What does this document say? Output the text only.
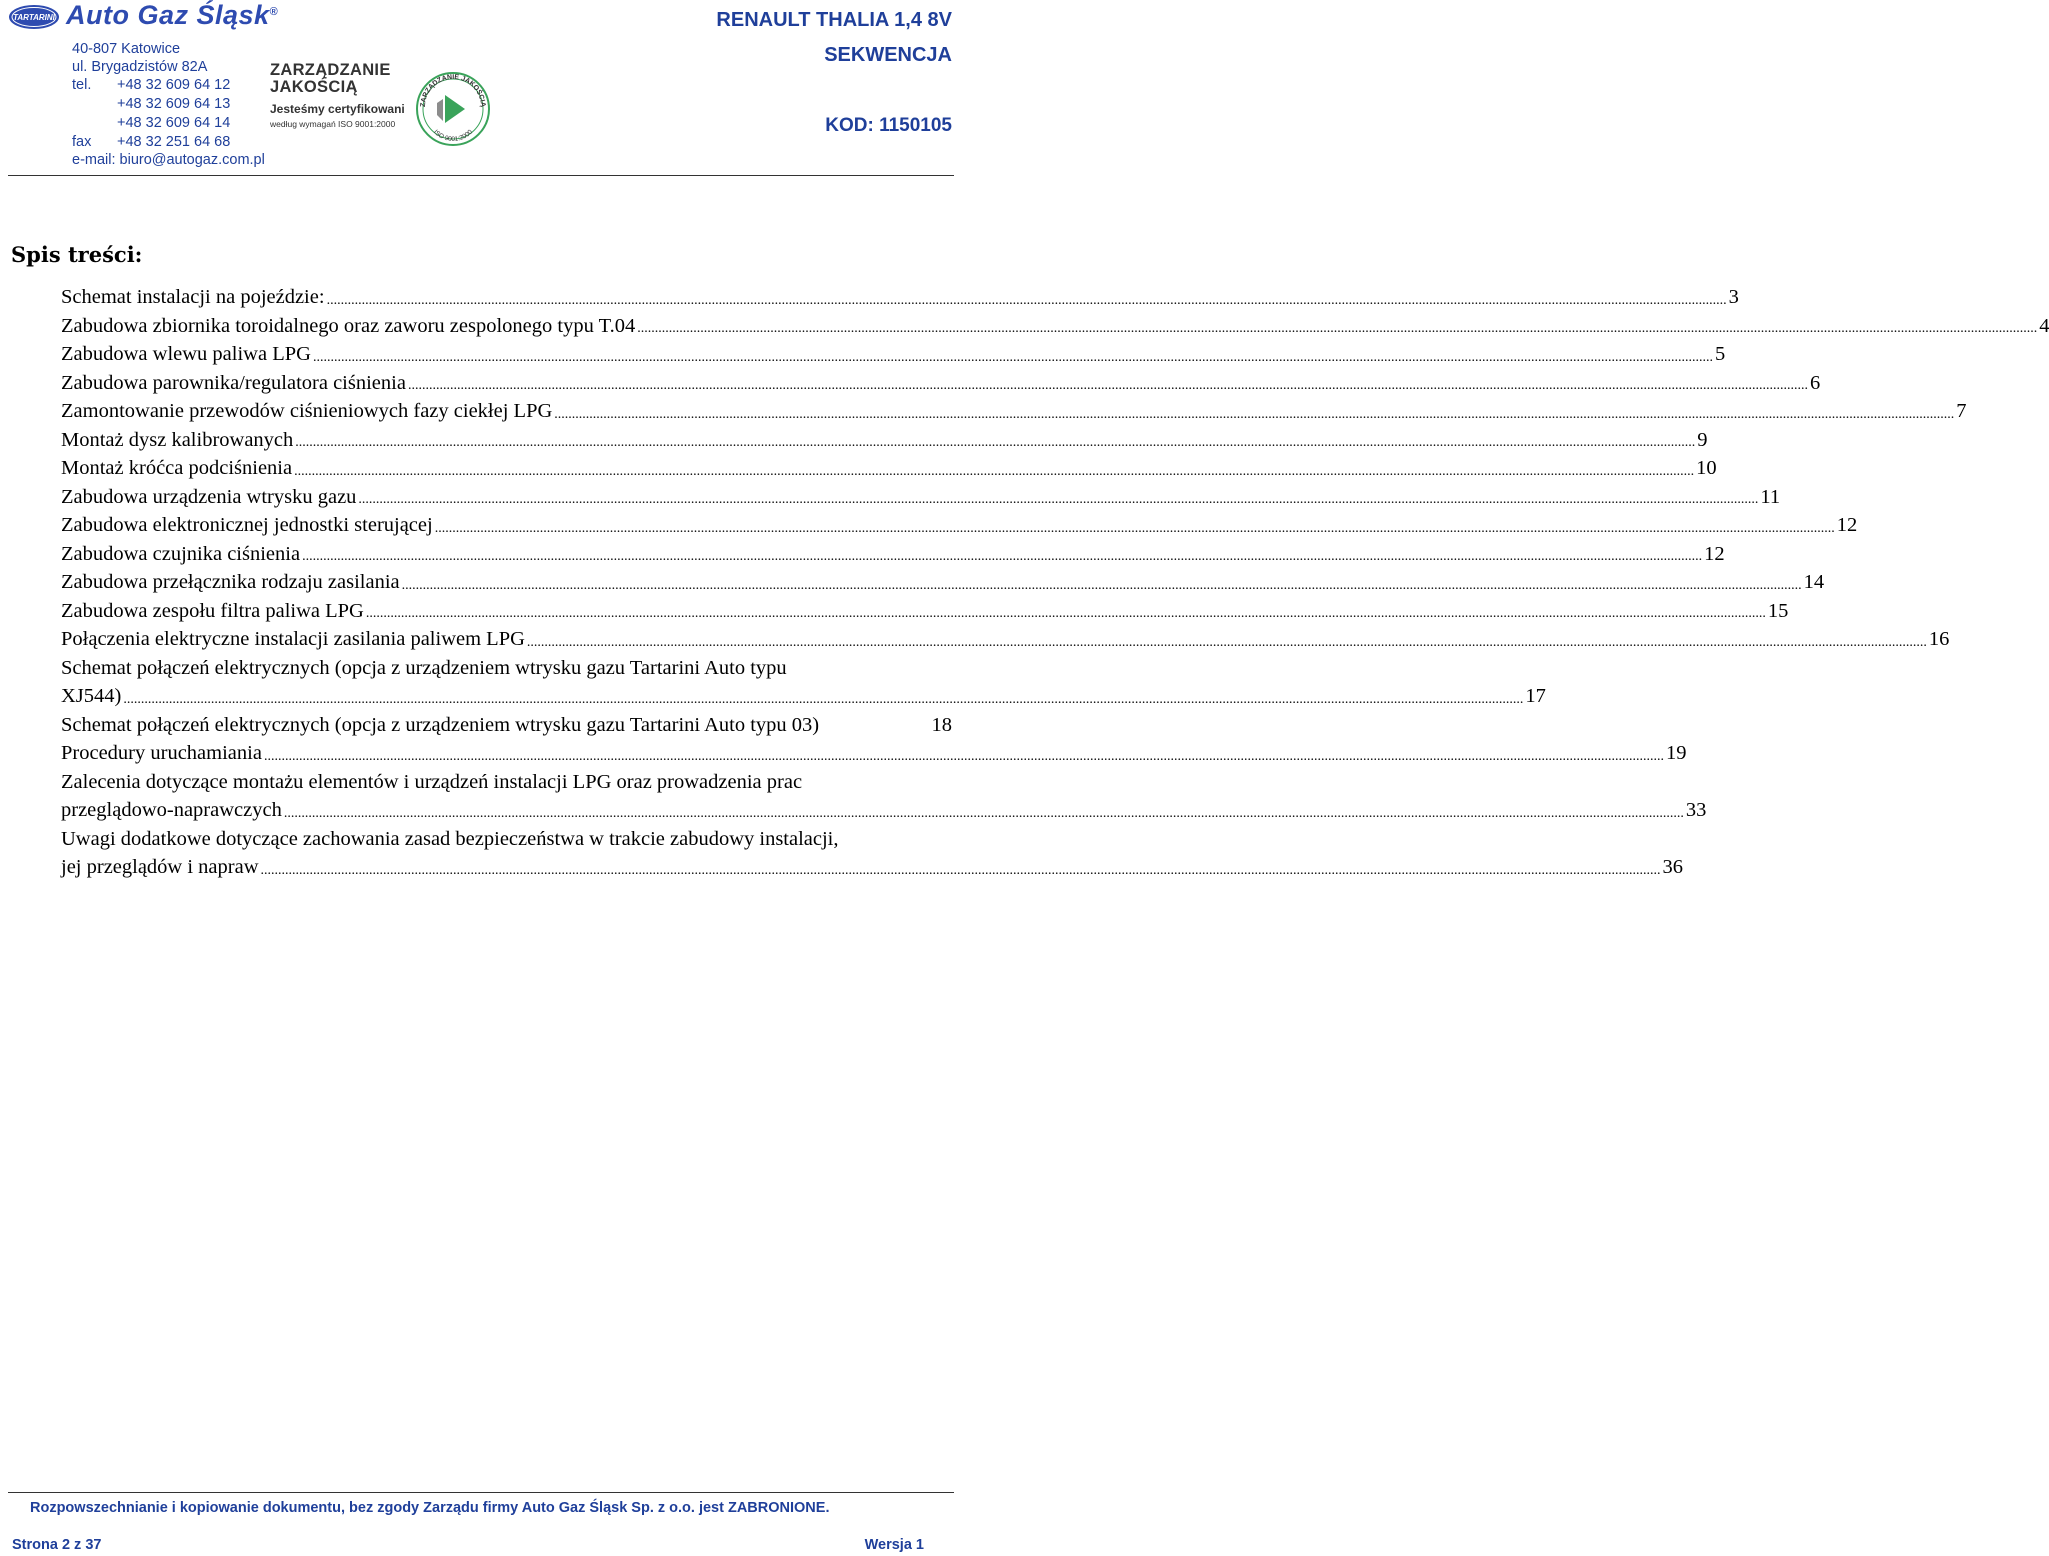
TARTARINI Auto Gaz Śląsk®
40-807 Katowice
ul. Brygadzistów 82A
tel. +48 32 609 64 12
+48 32 609 64 13
+48 32 609 64 14
fax +48 32 251 64 68
e-mail: biuro@autogaz.com.pl
ZARZĄDZANIE
JAKOŚCIĄ
Jesteśmy certyfikowani
według wymagań ISO 9001:2000
ZARZĄDZANIE JAKOŚCIĄ
ISO 9001:2000
RENAULT THALIA 1,4 8V
SEKWENCJA
KOD: 1150105
Spis treści:
Schemat instalacji na pojeździe: ................................................................................................................................................................................................................................................................................................................................................................................................................ 3
Zabudowa zbiornika toroidalnego oraz zaworu zespolonego typu T.04 ................................................................................................................................................................................................................................................................................................................................................................................................................ 4
Zabudowa wlewu paliwa LPG ................................................................................................................................................................................................................................................................................................................................................................................................................ 5
Zabudowa parownika/regulatora ciśnienia ................................................................................................................................................................................................................................................................................................................................................................................................................ 6
Zamontowanie przewodów ciśnieniowych fazy ciekłej LPG ................................................................................................................................................................................................................................................................................................................................................................................................................ 7
Montaż dysz kalibrowanych ................................................................................................................................................................................................................................................................................................................................................................................................................ 9
Montaż króćca podciśnienia ................................................................................................................................................................................................................................................................................................................................................................................................................ 10
Zabudowa urządzenia wtrysku gazu ................................................................................................................................................................................................................................................................................................................................................................................................................ 11
Zabudowa elektronicznej jednostki sterującej ................................................................................................................................................................................................................................................................................................................................................................................................................ 12
Zabudowa czujnika ciśnienia ................................................................................................................................................................................................................................................................................................................................................................................................................ 12
Zabudowa przełącznika rodzaju zasilania ................................................................................................................................................................................................................................................................................................................................................................................................................ 14
Zabudowa zespołu filtra paliwa LPG ................................................................................................................................................................................................................................................................................................................................................................................................................ 15
Połączenia elektryczne instalacji zasilania paliwem LPG ................................................................................................................................................................................................................................................................................................................................................................................................................ 16
Schemat połączeń elektrycznych (opcja z urządzeniem wtrysku gazu Tartarini Auto typu
XJ544) ................................................................................................................................................................................................................................................................................................................................................................................................................ 17
Schemat połączeń elektrycznych (opcja z urządzeniem wtrysku gazu Tartarini Auto typu 03)	18
Procedury uruchamiania ................................................................................................................................................................................................................................................................................................................................................................................................................ 19
Zalecenia dotyczące montażu elementów i urządzeń instalacji LPG oraz prowadzenia prac
przeglądowo-naprawczych ................................................................................................................................................................................................................................................................................................................................................................................................................ 33
Uwagi dodatkowe dotyczące zachowania zasad bezpieczeństwa w trakcie zabudowy instalacji,
jej przeglądów i napraw ................................................................................................................................................................................................................................................................................................................................................................................................................ 36
Rozpowszechnianie i kopiowanie dokumentu, bez zgody Zarządu firmy Auto Gaz Śląsk Sp. z o.o. jest ZABRONIONE.
Strona 2 z 37	Wersja 1
